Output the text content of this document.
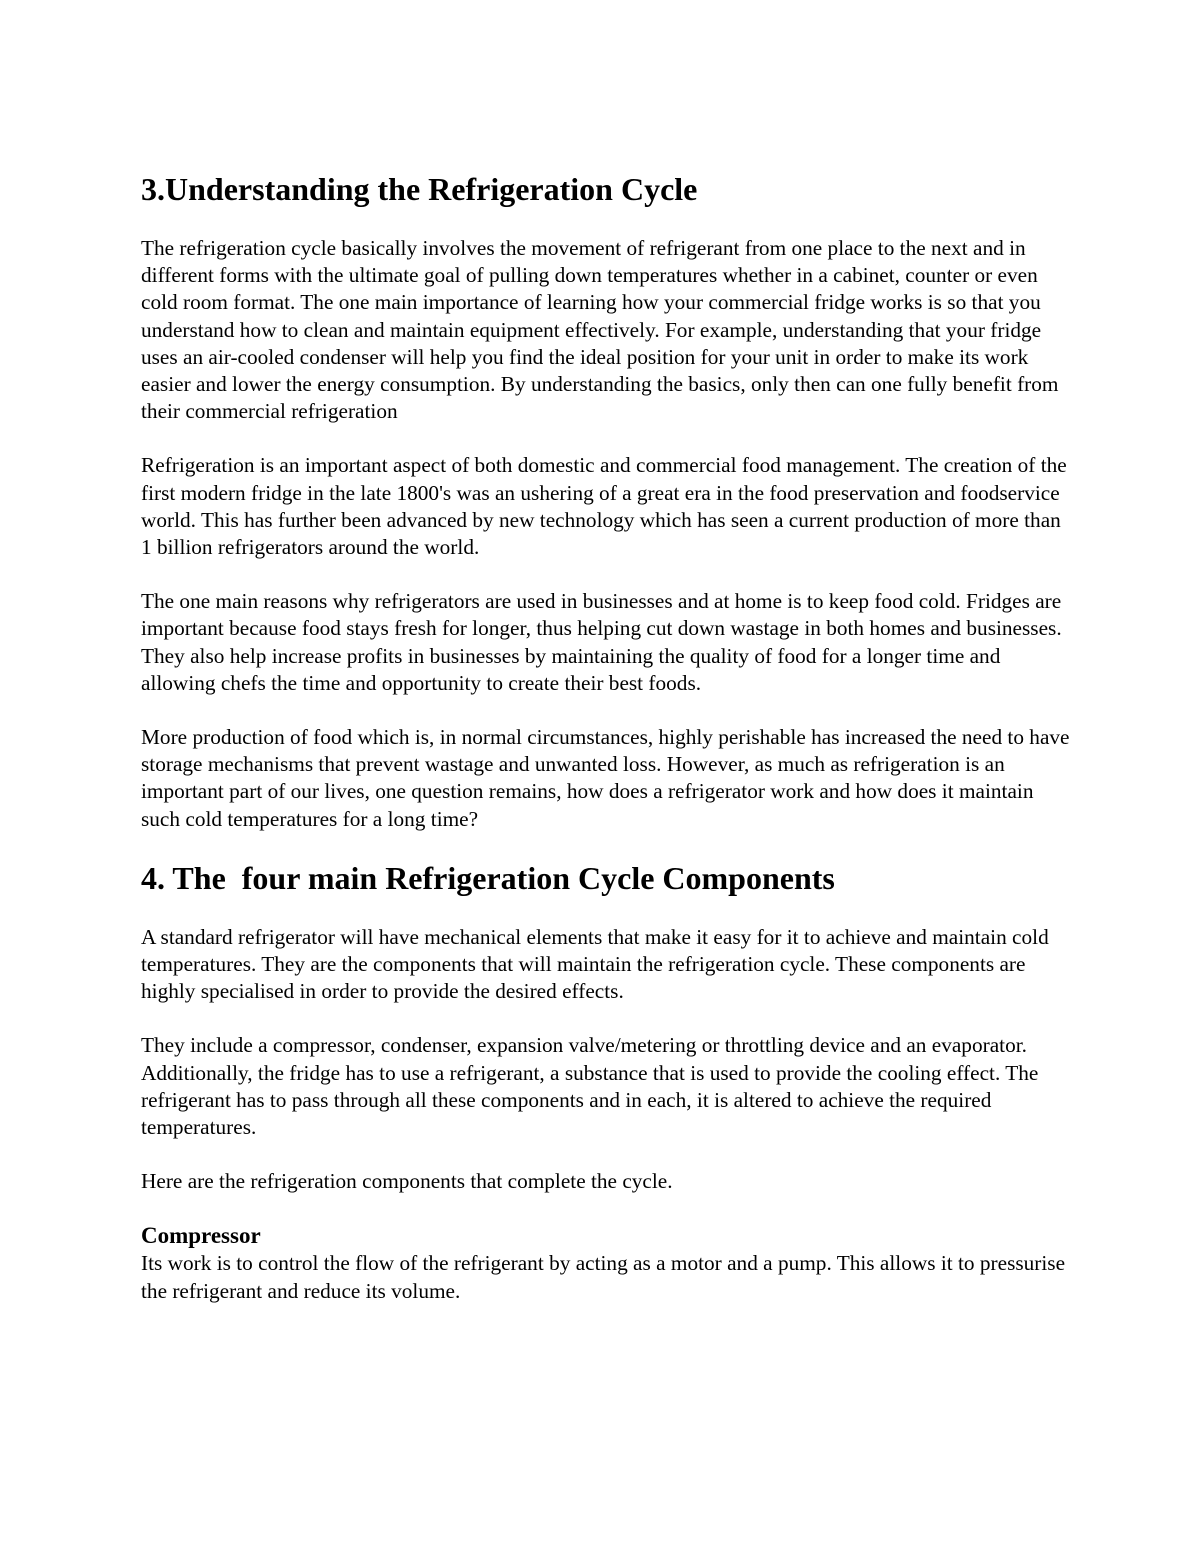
3.Understanding the Refrigeration Cycle

The refrigeration cycle basically involves the movement of refrigerant from one place to the next and in different forms with the ultimate goal of pulling down temperatures whether in a cabinet, counter or even cold room format. The one main importance of learning how your commercial fridge works is so that you understand how to clean and maintain equipment effectively. For example, understanding that your fridge uses an air-cooled condenser will help you find the ideal position for your unit in order to make its work easier and lower the energy consumption. By understanding the basics, only then can one fully benefit from their commercial refrigeration

Refrigeration is an important aspect of both domestic and commercial food management. The creation of the first modern fridge in the late 1800's was an ushering of a great era in the food preservation and foodservice world. This has further been advanced by new technology which has seen a current production of more than 1 billion refrigerators around the world.

The one main reasons why refrigerators are used in businesses and at home is to keep food cold. Fridges are important because food stays fresh for longer, thus helping cut down wastage in both homes and businesses. They also help increase profits in businesses by maintaining the quality of food for a longer time and allowing chefs the time and opportunity to create their best foods.

More production of food which is, in normal circumstances, highly perishable has increased the need to have storage mechanisms that prevent wastage and unwanted loss. However, as much as refrigeration is an important part of our lives, one question remains, how does a refrigerator work and how does it maintain such cold temperatures for a long time?

4. The  four main Refrigeration Cycle Components

A standard refrigerator will have mechanical elements that make it easy for it to achieve and maintain cold temperatures. They are the components that will maintain the refrigeration cycle. These components are highly specialised in order to provide the desired effects.

They include a compressor, condenser, expansion valve/metering or throttling device and an evaporator. Additionally, the fridge has to use a refrigerant, a substance that is used to provide the cooling effect. The refrigerant has to pass through all these components and in each, it is altered to achieve the required temperatures.

Here are the refrigeration components that complete the cycle.

Compressor

Its work is to control the flow of the refrigerant by acting as a motor and a pump. This allows it to pressurise the refrigerant and reduce its volume.
